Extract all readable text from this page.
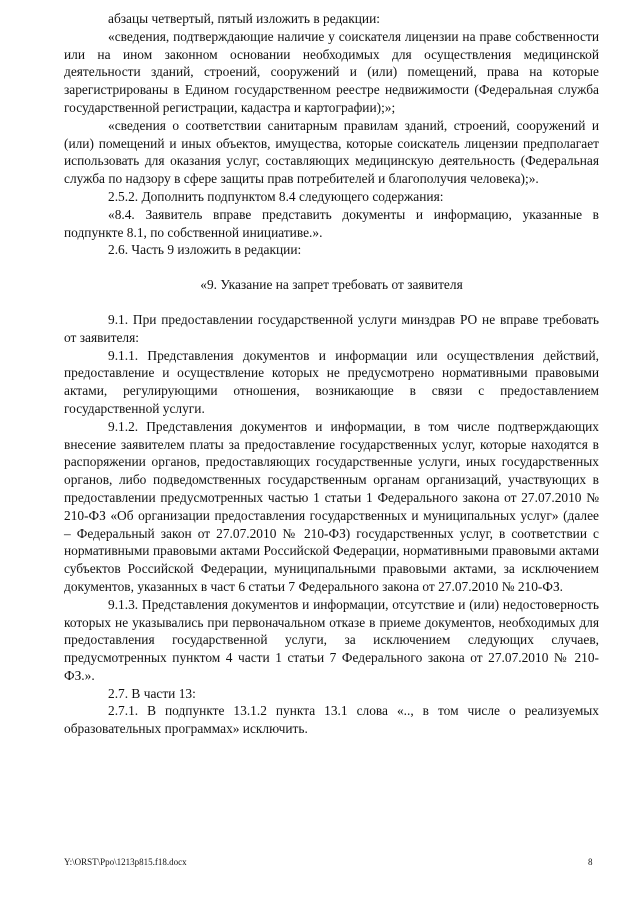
абзацы четвертый, пятый изложить в редакции:

«сведения, подтверждающие наличие у соискателя лицензии на праве собственности или на ином законном основании необходимых для осуществления медицинской деятельности зданий, строений, сооружений и (или) помещений, права на которые зарегистрированы в Едином государственном реестре недвижимости (Федеральная служба государственной регистрации, кадастра и картографии);»;

«сведения о соответствии санитарным правилам зданий, строений, сооружений и (или) помещений и иных объектов, имущества, которые соискатель лицензии предполагает использовать для оказания услуг, составляющих медицинскую деятельность (Федеральная служба по надзору в сфере защиты прав потребителей и благополучия человека);».

2.5.2. Дополнить подпунктом 8.4 следующего содержания:

«8.4. Заявитель вправе представить документы и информацию, указанные в подпункте 8.1, по собственной инициативе.».

2.6. Часть 9 изложить в редакции:

«9. Указание на запрет требовать от заявителя

9.1. При предоставлении государственной услуги минздрав РО не вправе требовать от заявителя:

9.1.1. Представления документов и информации или осуществления действий, предоставление и осуществление которых не предусмотрено нормативными правовыми актами, регулирующими отношения, возникающие в связи с предоставлением государственной услуги.

9.1.2. Представления документов и информации, в том числе подтверждающих внесение заявителем платы за предоставление государственных услуг, которые находятся в распоряжении органов, предоставляющих государственные услуги, иных государственных органов, либо подведомственных государственным органам организаций, участвующих в предоставлении предусмотренных частью 1 статьи 1 Федерального закона от 27.07.2010 № 210-ФЗ «Об организации предоставления государственных и муниципальных услуг» (далее – Федеральный закон от 27.07.2010 № 210-ФЗ) государственных услуг, в соответствии с нормативными правовыми актами Российской Федерации, нормативными правовыми актами субъектов Российской Федерации, муниципальными правовыми актами, за исключением документов, указанных в част 6 статьи 7 Федерального закона от 27.07.2010 № 210-ФЗ.

9.1.3. Представления документов и информации, отсутствие и (или) недостоверность которых не указывались при первоначальном отказе в приеме документов, необходимых для предоставления государственной услуги, за исключением следующих случаев, предусмотренных пунктом 4 части 1 статьи 7 Федерального закона от 27.07.2010 № 210-ФЗ.».

2.7. В части 13:

2.7.1. В подпункте 13.1.2 пункта 13.1 слова «.., в том числе о реализуемых образовательных программах» исключить.

Y:\ORST\Ppo\1213p815.f18.docx	8
